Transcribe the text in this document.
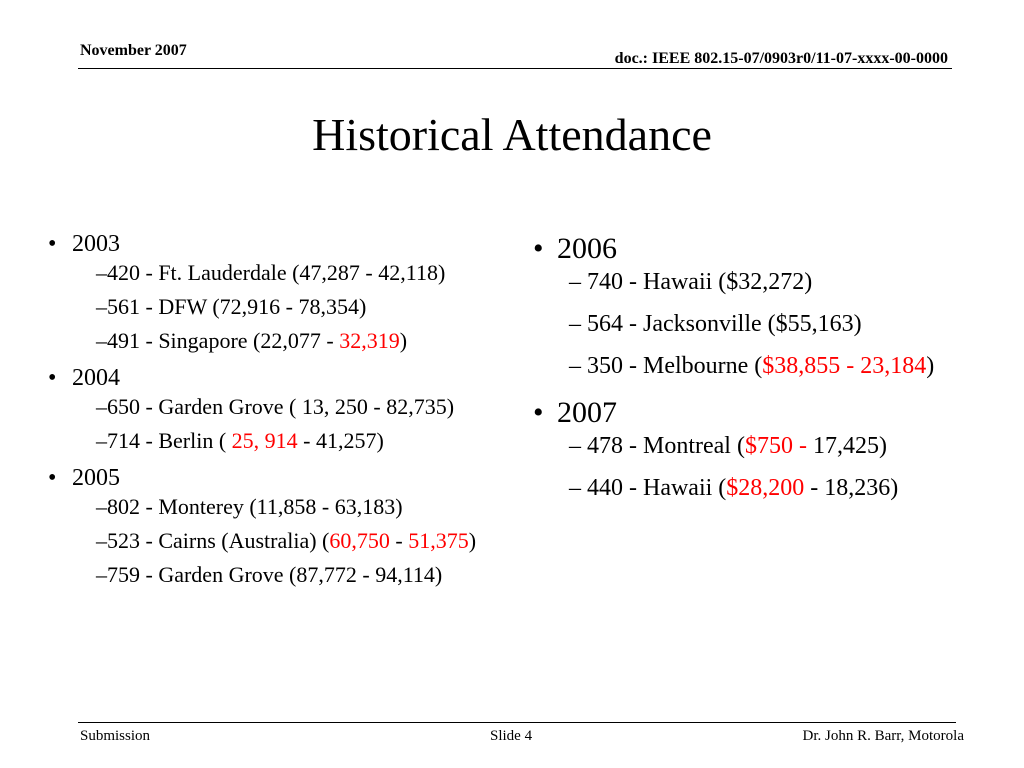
November 2007	doc.: IEEE 802.15-07/0903r0/11-07-xxxx-00-0000
Historical Attendance
• 2003
–420 - Ft. Lauderdale (47,287 - 42,118)
–561 - DFW (72,916 - 78,354)
–491 - Singapore (22,077 - 32,319)
• 2004
–650 - Garden Grove ( 13, 250 - 82,735)
–714 - Berlin ( 25, 914 - 41,257)
• 2005
–802 - Monterey (11,858 - 63,183)
–523 - Cairns (Australia) (60,750 - 51,375)
–759 - Garden Grove (87,772 - 94,114)
• 2006
– 740 - Hawaii ($32,272)
– 564 - Jacksonville ($55,163)
– 350 - Melbourne ($38,855 - 23,184)
• 2007
– 478 - Montreal ($750 - 17,425)
– 440 - Hawaii ($28,200 - 18,236)
Submission	Slide 4	Dr. John R. Barr, Motorola
